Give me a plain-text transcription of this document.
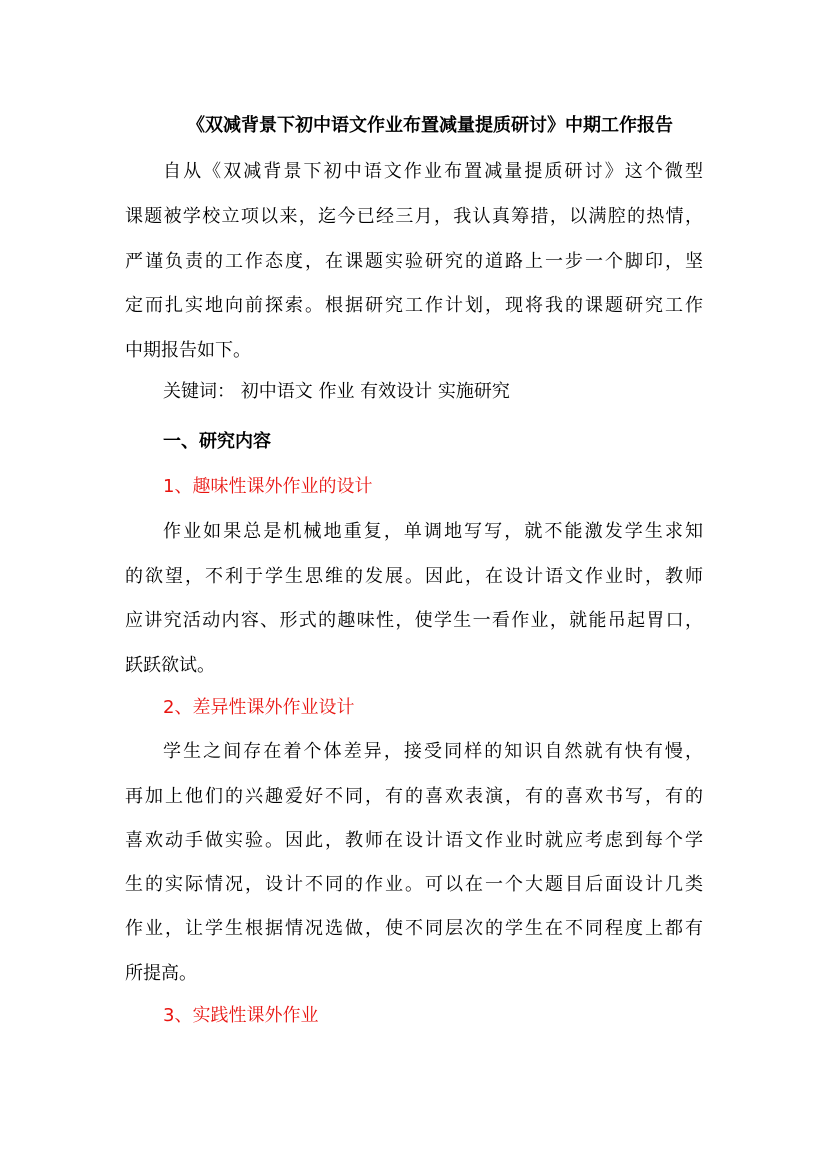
《双减背景下初中语文作业布置减量提质研讨》中期工作报告
自从《双减背景下初中语文作业布置减量提质研讨》这个微型
课题被学校立项以来，迄今已经三月，我认真筹措，以满腔的热情，
严谨负责的工作态度，在课题实验研究的道路上一步一个脚印，坚
定而扎实地向前探索。根据研究工作计划，现将我的课题研究工作
中期报告如下。
关键词： 初中语文 作业 有效设计 实施研究
一、研究内容
1、趣味性课外作业的设计
作业如果总是机械地重复，单调地写写，就不能激发学生求知
的欲望，不利于学生思维的发展。因此，在设计语文作业时，教师
应讲究活动内容、形式的趣味性，使学生一看作业，就能吊起胃口，
跃跃欲试。
2、差异性课外作业设计
学生之间存在着个体差异，接受同样的知识自然就有快有慢，
再加上他们的兴趣爱好不同，有的喜欢表演，有的喜欢书写，有的
喜欢动手做实验。因此，教师在设计语文作业时就应考虑到每个学
生的实际情况，设计不同的作业。可以在一个大题目后面设计几类
作业，让学生根据情况选做，使不同层次的学生在不同程度上都有
所提高。
3、实践性课外作业
